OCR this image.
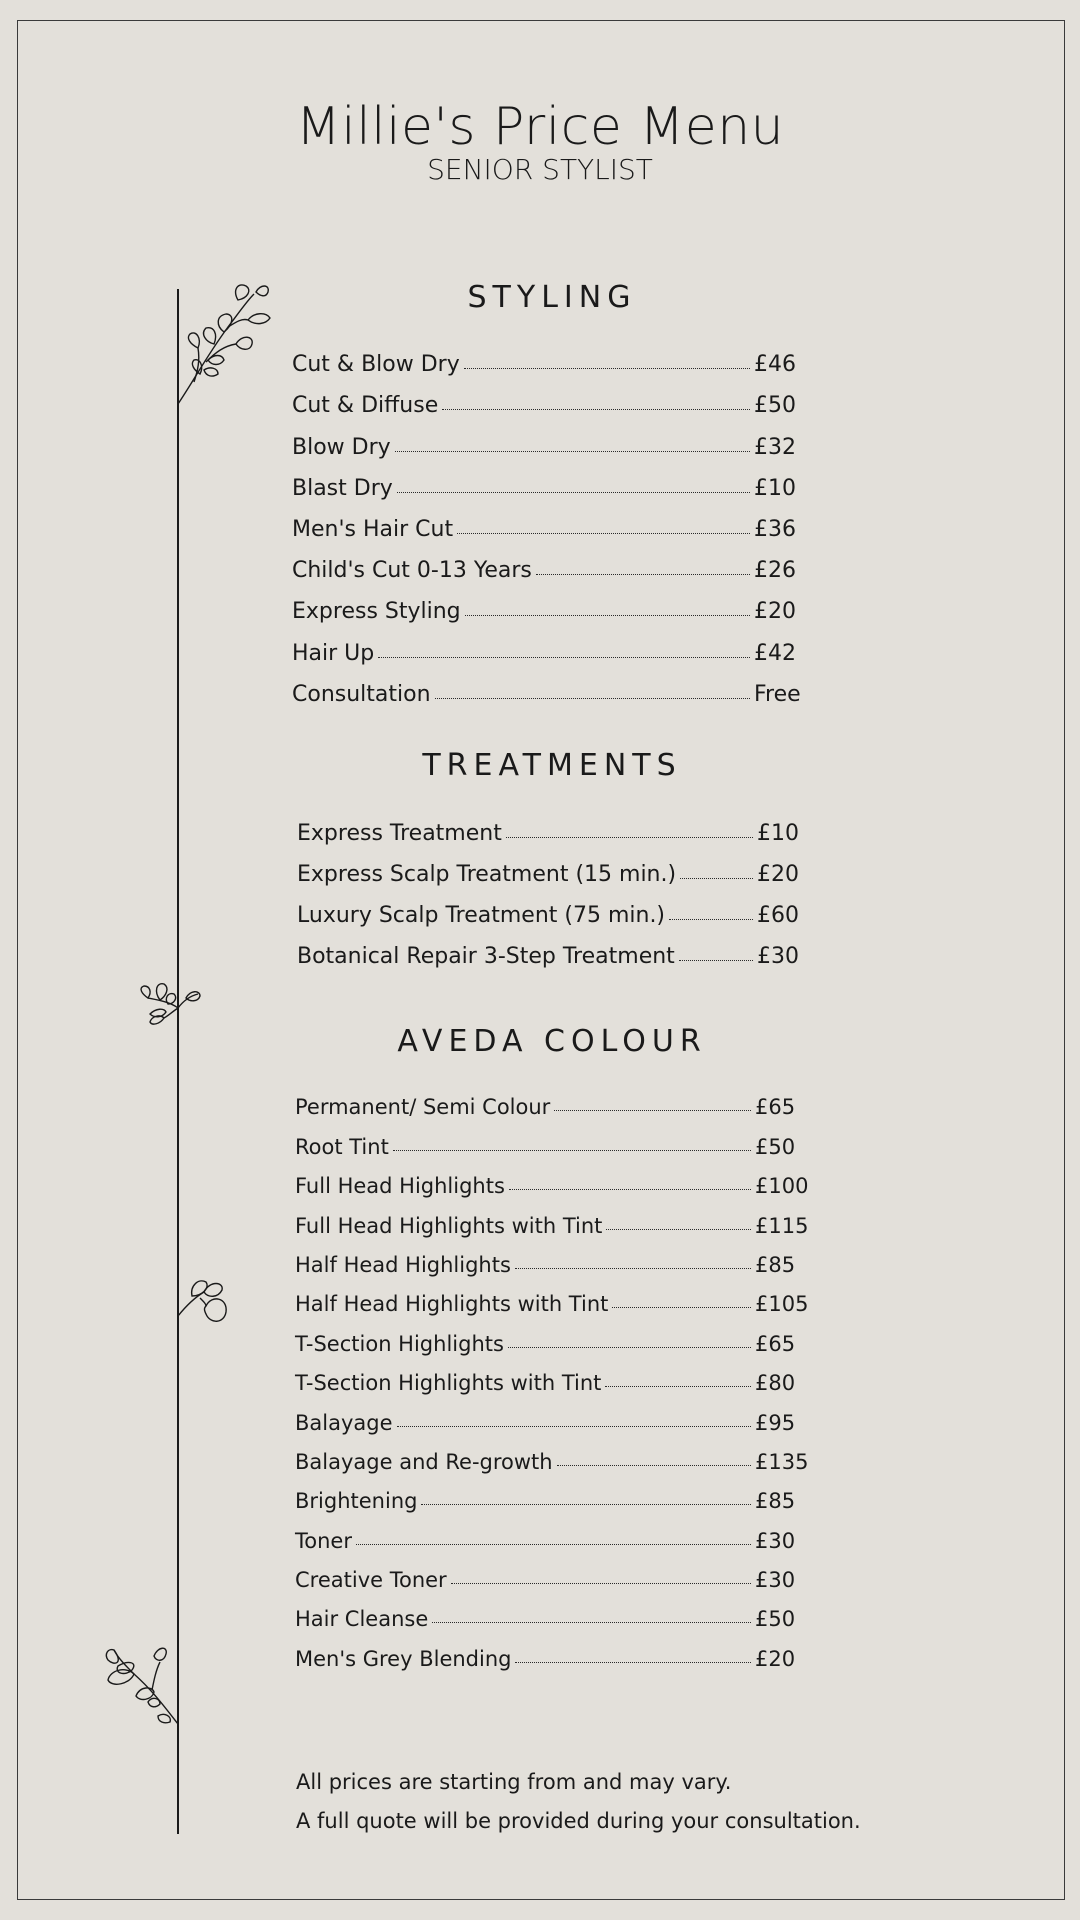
Millie's Price Menu
SENIOR STYLIST
STYLING
Cut & Blow Dry	£46
Cut & Diffuse	£50
Blow Dry	£32
Blast Dry	£10
Men's Hair Cut	£36
Child's Cut 0-13 Years	£26
Express Styling	£20
Hair Up	£42
Consultation	Free
TREATMENTS
Express Treatment	£10
Express Scalp Treatment (15 min.)	£20
Luxury Scalp Treatment (75 min.)	£60
Botanical Repair 3-Step Treatment	£30
AVEDA COLOUR
Permanent/ Semi Colour	£65
Root Tint	£50
Full Head Highlights	£100
Full Head Highlights with Tint	£115
Half Head Highlights	£85
Half Head Highlights with Tint	£105
T-Section Highlights	£65
T-Section Highlights with Tint	£80
Balayage	£95
Balayage and Re-growth	£135
Brightening	£85
Toner	£30
Creative Toner	£30
Hair Cleanse	£50
Men's Grey Blending	£20
All prices are starting from and may vary.
A full quote will be provided during your consultation.
